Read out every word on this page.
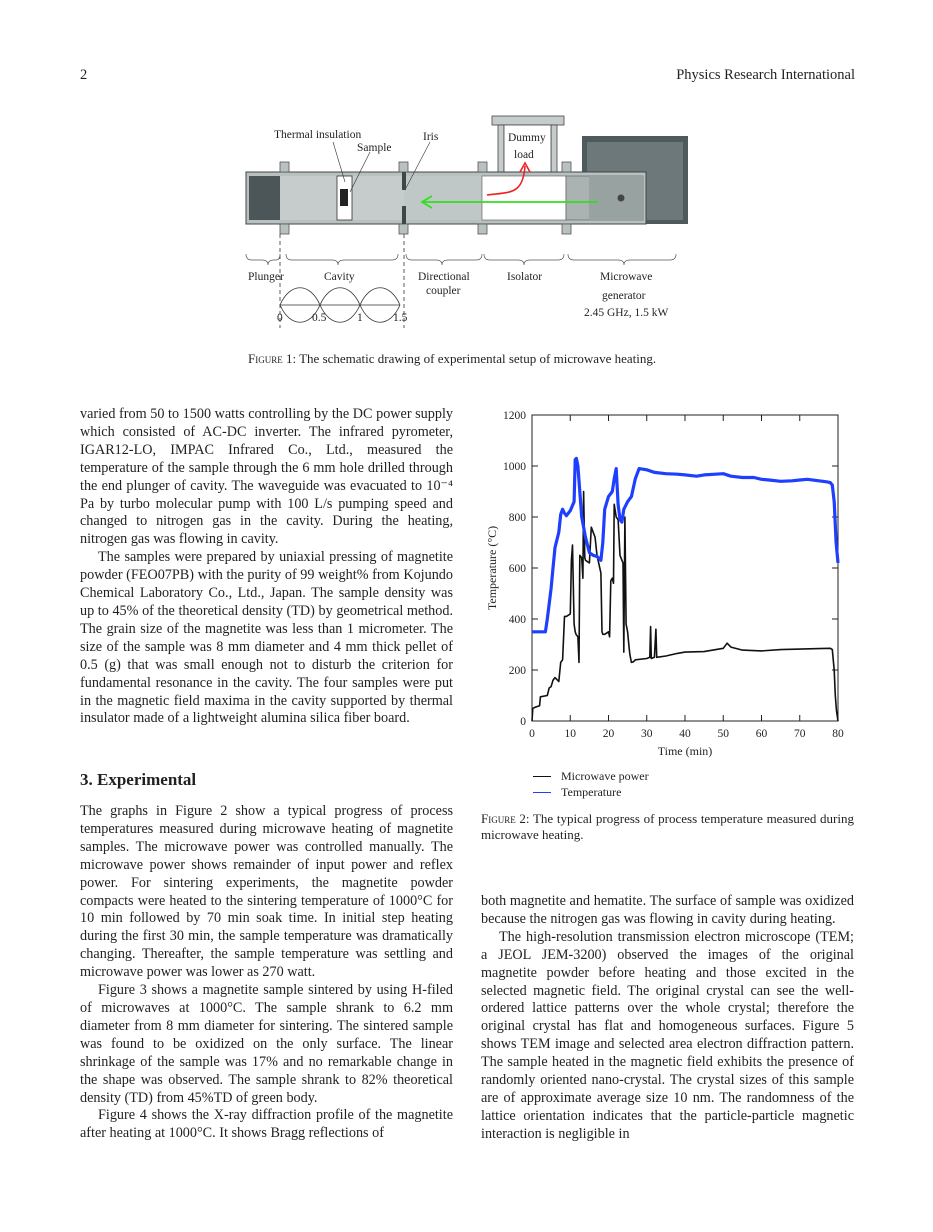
2	Physics Research International
Thermal insulation
Sample
Iris	Dummy
load
Plunger	Cavity	Directional
coupler
Isolator	Microwave
generator
2.45 GHz, 1.5 kW
0	0.5	1	1.5
Figure 1: The schematic drawing of experimental setup of microwave heating.

varied from 50 to 1500 watts controlling by the DC power supply which consisted of AC-DC inverter. The infrared pyrometer, IGAR12-LO, IMPAC Infrared Co., Ltd., measured the temperature of the sample through the 6 mm hole drilled through the end plunger of cavity. The waveguide was evacuated to 10⁻⁴ Pa by turbo molecular pump with 100 L/s pumping speed and changed to nitrogen gas in the cavity. During the heating, nitrogen gas was flowing in cavity.

The samples were prepared by uniaxial pressing of magnetite powder (FEO07PB) with the purity of 99 weight% from Kojundo Chemical Laboratory Co., Ltd., Japan. The sample density was up to 45% of the theoretical density (TD) by geometrical method. The grain size of the magnetite was less than 1 micrometer. The size of the sample was 8 mm diameter and 4 mm thick pellet of 0.5 (g) that was small enough not to disturb the criterion for fundamental resonance in the cavity. The four samples were put in the magnetic field maxima in the cavity supported by thermal insulator made of a lightweight alumina silica fiber board.

3. Experimental

The graphs in Figure 2 show a typical progress of process temperatures measured during microwave heating of magnetite samples. The microwave power was controlled manually. The microwave power shows remainder of input power and reflex power. For sintering experiments, the magnetite powder compacts were heated to the sintering temperature of 1000°C for 10 min followed by 70 min soak time. In initial step heating during the first 30 min, the sample temperature was dramatically changing. Thereafter, the sample temperature was settling and microwave power was lower as 270 watt.

Figure 3 shows a magnetite sample sintered by using H-filed of microwaves at 1000°C. The sample shrank to 6.2 mm diameter from 8 mm diameter for sintering. The sintered sample was found to be oxidized on the only surface. The linear shrinkage of the sample was 17% and no remarkable change in the shape was observed. The sample shrank to 82% theoretical density (TD) from 45%TD of green body.

Figure 4 shows the X-ray diffraction profile of the magnetite after heating at 1000°C. It shows Bragg reflections of

0	10 20 30 40 50 60 70 80
0
200
400
600
800
1000
1200
Time (min)
Temperature (°C)
Microwave power
Temperature
Figure 2: The typical progress of process temperature measured during microwave heating.

both magnetite and hematite. The surface of sample was oxidized because the nitrogen gas was flowing in cavity during heating.

The high-resolution transmission electron microscope (TEM; a JEOL JEM-3200) observed the images of the original magnetite powder before heating and those excited in the selected magnetic field. The original crystal can see the well-ordered lattice patterns over the whole crystal; therefore the original crystal has flat and homogeneous surfaces. Figure 5 shows TEM image and selected area electron diffraction pattern. The sample heated in the magnetic field exhibits the presence of randomly oriented nano-crystal. The crystal sizes of this sample are of approximate average size 10 nm. The randomness of the lattice orientation indicates that the particle-particle magnetic interaction is negligible in
